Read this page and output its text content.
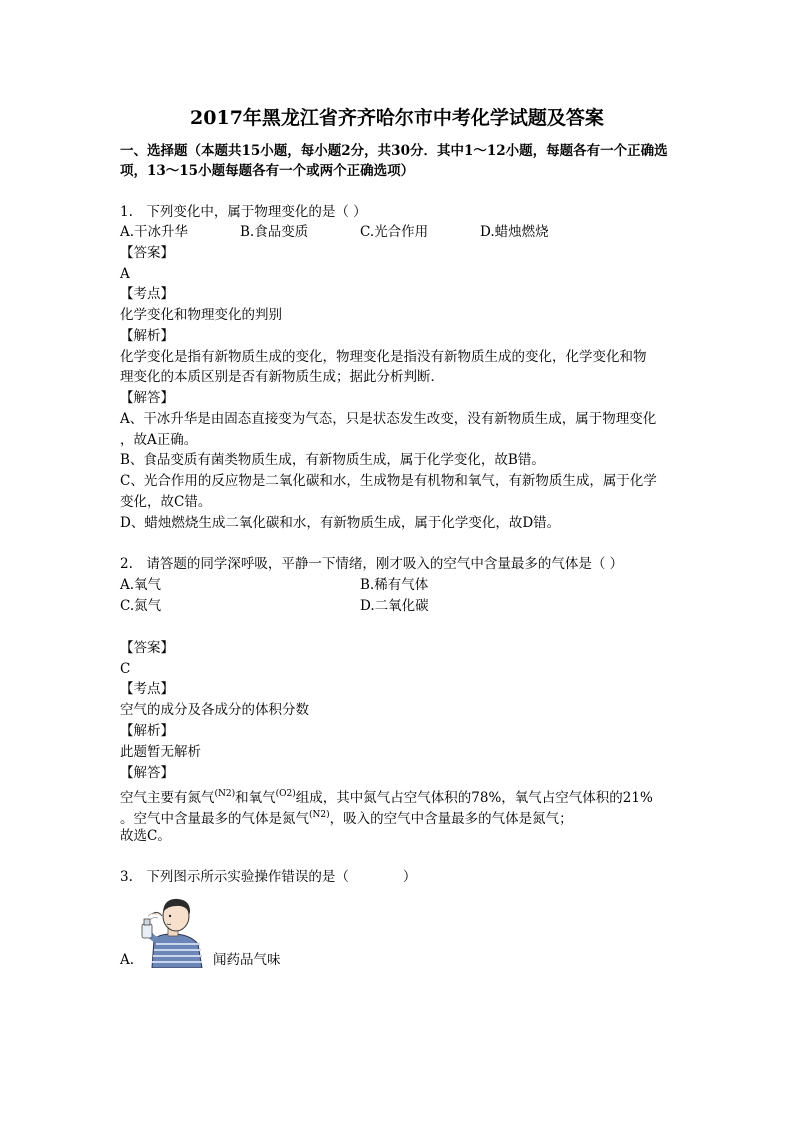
2017年黑龙江省齐齐哈尔市中考化学试题及答案
一、选择题（本题共15小题，每小题2分，共30分．其中1～12小题，每题各有一个正确选
项，13～15小题每题各有一个或两个正确选项）
1.　下列变化中，属于物理变化的是（ ）
A.干冰升华	B.食品变质	C.光合作用	D.蜡烛燃烧
【答案】
A
【考点】
化学变化和物理变化的判别
【解析】
化学变化是指有新物质生成的变化，物理变化是指没有新物质生成的变化，化学变化和物
理变化的本质区别是否有新物质生成；据此分析判断．
【解答】
A、干冰升华是由固态直接变为气态，只是状态发生改变，没有新物质生成，属于物理变化
，故A正确。
B、食品变质有菌类物质生成，有新物质生成，属于化学变化，故B错。
C、光合作用的反应物是二氧化碳和水，生成物是有机物和氧气，有新物质生成，属于化学
变化，故C错。
D、蜡烛燃烧生成二氧化碳和水，有新物质生成，属于化学变化，故D错。
2.　请答题的同学深呼吸，平静一下情绪，刚才吸入的空气中含量最多的气体是（ ）
A.氧气	B.稀有气体
C.氮气	D.二氧化碳
【答案】
C
【考点】
空气的成分及各成分的体积分数
【解析】
此题暂无解析
【解答】
空气主要有氮气$^{(N2)}$和氧气$^{(O2)}$组成，其中氮气占空气体积的78%，氧气占空气体积的21%
。空气中含量最多的气体是氮气$^{(N2)}$，吸入的空气中含量最多的气体是氮气；
故选C。
3.　下列图示所示实验操作错误的是（　　　　）
A.	闻药品气味
